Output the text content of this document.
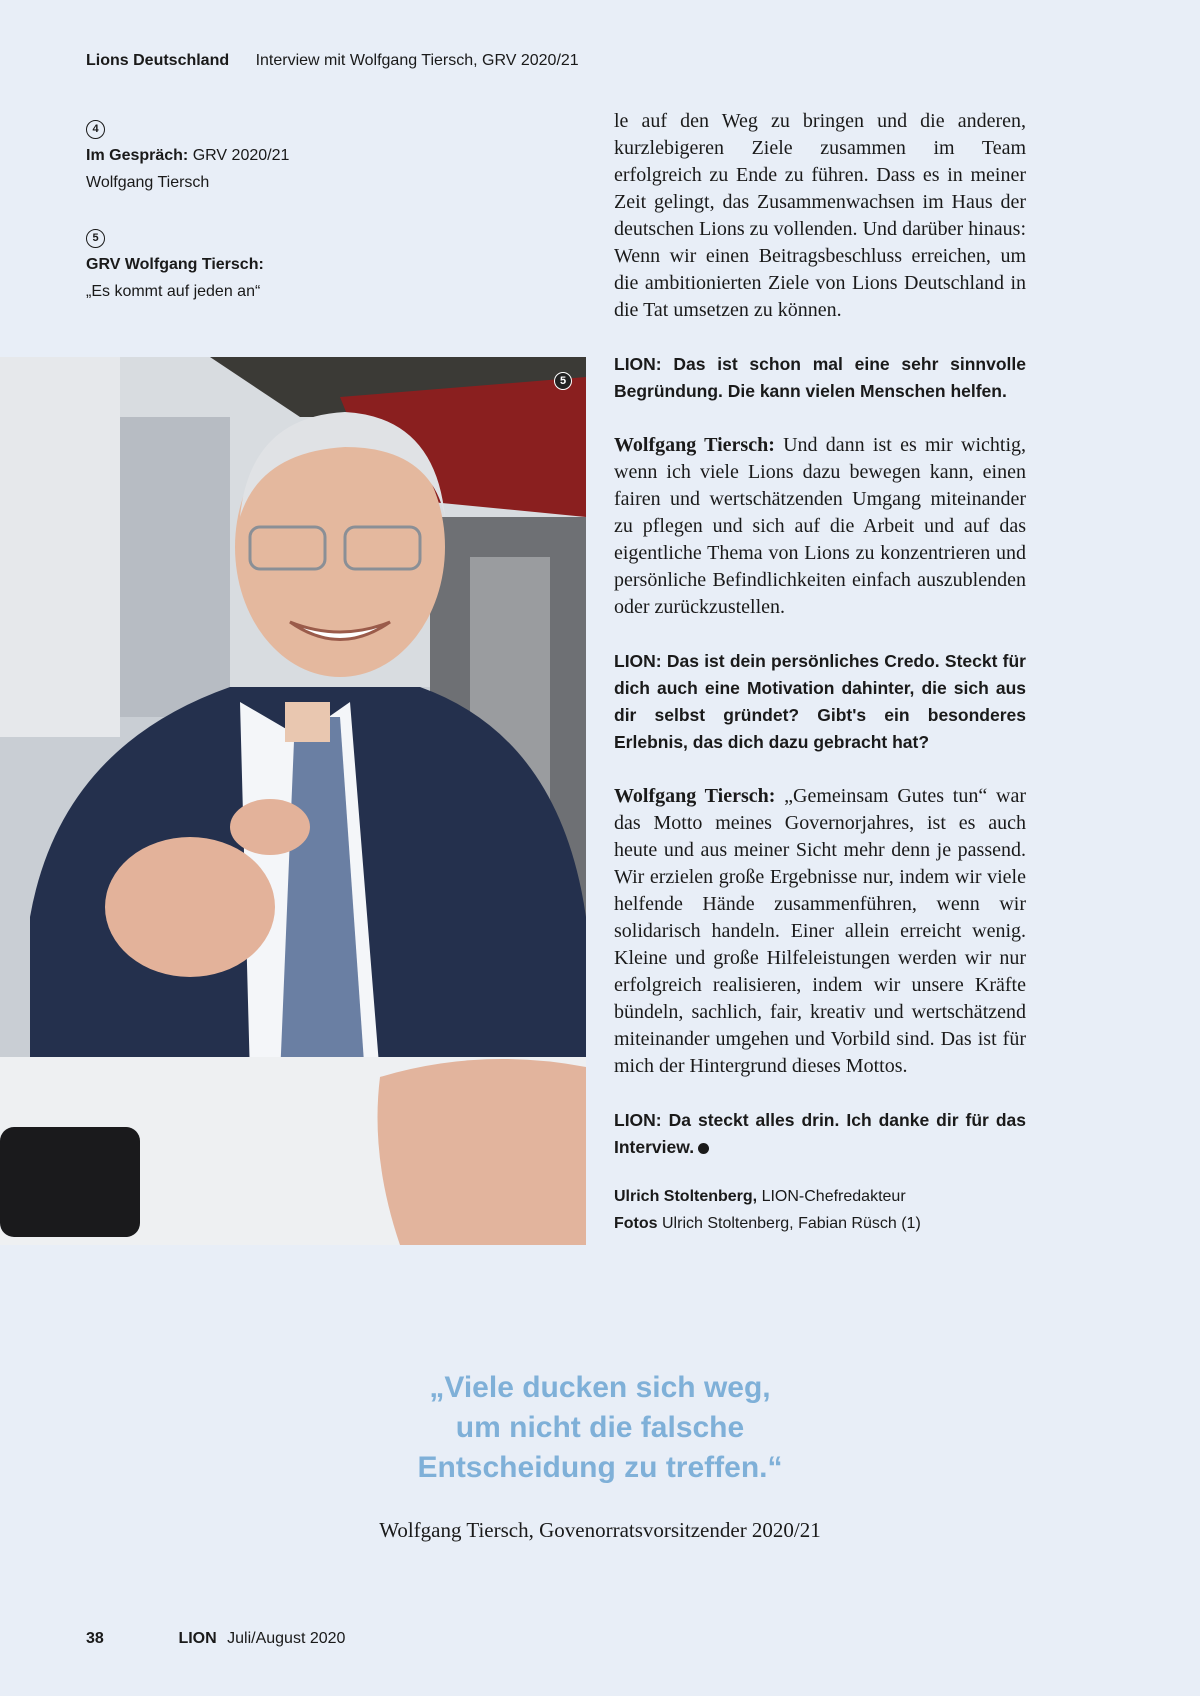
Lions Deutschland Interview mit Wolfgang Tiersch, GRV 2020/21
4
Im Gespräch: GRV 2020/21
Wolfgang Tiersch
5
GRV Wolfgang Tiersch:
„Es kommt auf jeden an“
5

le auf den Weg zu bringen und die anderen, kurzlebigeren Ziele zusammen im Team erfolgreich zu Ende zu führen. Dass es in meiner Zeit gelingt, das Zusammenwachsen im Haus der deutschen Lions zu vollenden. Und darüber hinaus: Wenn wir einen Beitragsbeschluss erreichen, um die ambitionierten Ziele von Lions Deutschland in die Tat umsetzen zu können.

LION: Das ist schon mal eine sehr sinnvolle Begründung. Die kann vielen Menschen helfen.

Wolfgang Tiersch: Und dann ist es mir wichtig, wenn ich viele Lions dazu bewegen kann, einen fairen und wertschätzenden Umgang miteinander zu pflegen und sich auf die Arbeit und auf das eigentliche Thema von Lions zu konzentrieren und persönliche Befindlichkeiten einfach auszublenden oder zurückzustellen.

LION: Das ist dein persönliches Credo. Steckt für dich auch eine Motivation dahinter, die sich aus dir selbst gründet? Gibt's ein besonderes Erlebnis, das dich dazu gebracht hat?

Wolfgang Tiersch: „Gemeinsam Gutes tun“ war das Motto meines Governorjahres, ist es auch heute und aus meiner Sicht mehr denn je passend. Wir erzielen große Ergebnisse nur, indem wir viele helfende Hände zusammenführen, wenn wir solidarisch handeln. Einer allein erreicht wenig. Kleine und große Hilfeleistungen werden wir nur erfolgreich realisieren, indem wir unsere Kräfte bündeln, sachlich, fair, kreativ und wertschätzend miteinander umgehen und Vorbild sind. Das ist für mich der Hintergrund dieses Mottos.

LION: Da steckt alles drin. Ich danke dir für das Interview.

Ulrich Stoltenberg, LION-Chefredakteur
Fotos Ulrich Stoltenberg, Fabian Rüsch (1)
„Viele ducken sich weg,
um nicht die falsche
Entscheidung zu treffen.“
Wolfgang Tiersch, Govenorratsvorsitzender 2020/21
38	LION Juli/August 2020
